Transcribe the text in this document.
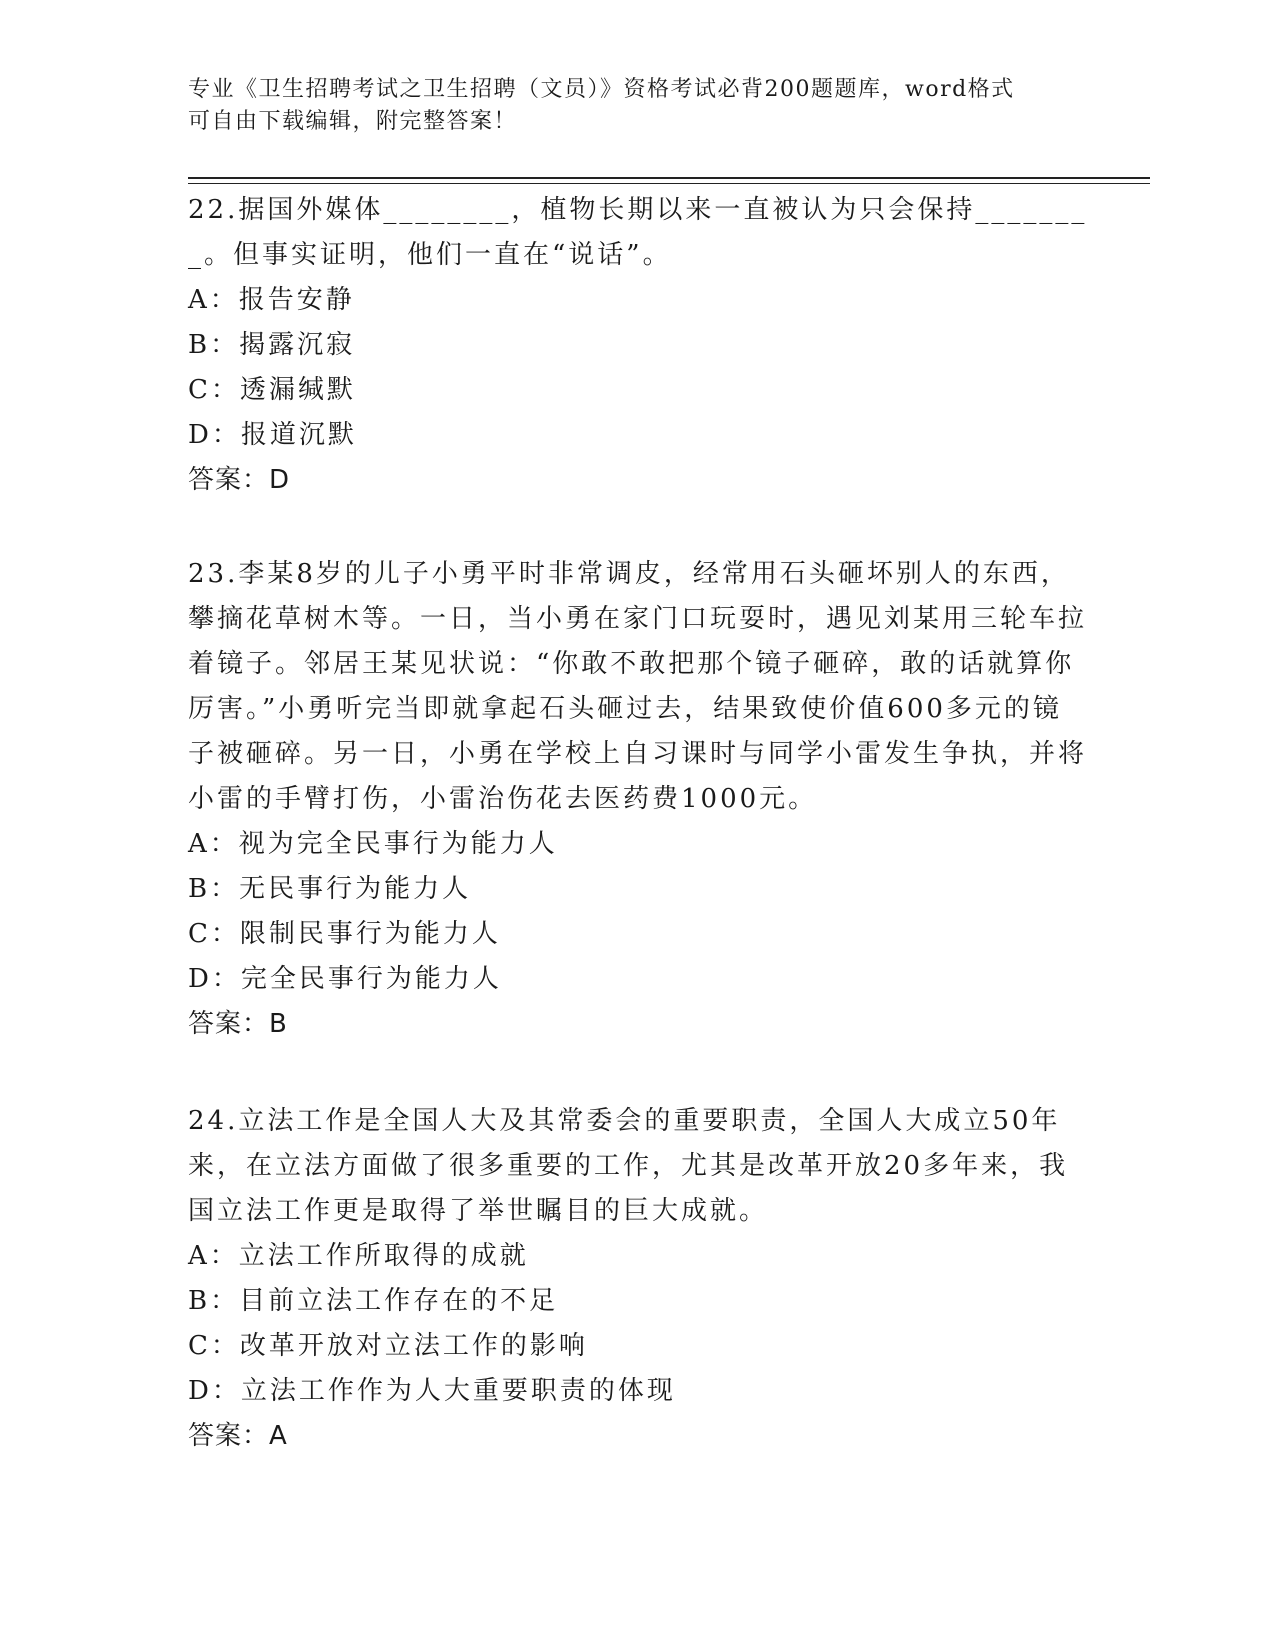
专业《卫生招聘考试之卫生招聘（文员）》资格考试必背200题题库，word格式
可自由下载编辑，附完整答案！

22.据国外媒体________，植物长期以来一直被认为只会保持________。但事实证明，他们一直在“说话”。

A：报告安静

B：揭露沉寂

C：透漏缄默

D：报道沉默

答案：D

23.李某8岁的儿子小勇平时非常调皮，经常用石头砸坏别人的东西，攀摘花草树木等。一日，当小勇在家门口玩耍时，遇见刘某用三轮车拉着镜子。邻居王某见状说：“你敢不敢把那个镜子砸碎，敢的话就算你厉害。”小勇听完当即就拿起石头砸过去，结果致使价值600多元的镜子被砸碎。另一日，小勇在学校上自习课时与同学小雷发生争执，并将小雷的手臂打伤，小雷治伤花去医药费1000元。

A：视为完全民事行为能力人

B：无民事行为能力人

C：限制民事行为能力人

D：完全民事行为能力人

答案：B

24.立法工作是全国人大及其常委会的重要职责，全国人大成立50年来，在立法方面做了很多重要的工作，尤其是改革开放20多年来，我国立法工作更是取得了举世瞩目的巨大成就。

A：立法工作所取得的成就

B：目前立法工作存在的不足

C：改革开放对立法工作的影响

D：立法工作作为人大重要职责的体现

答案：A
